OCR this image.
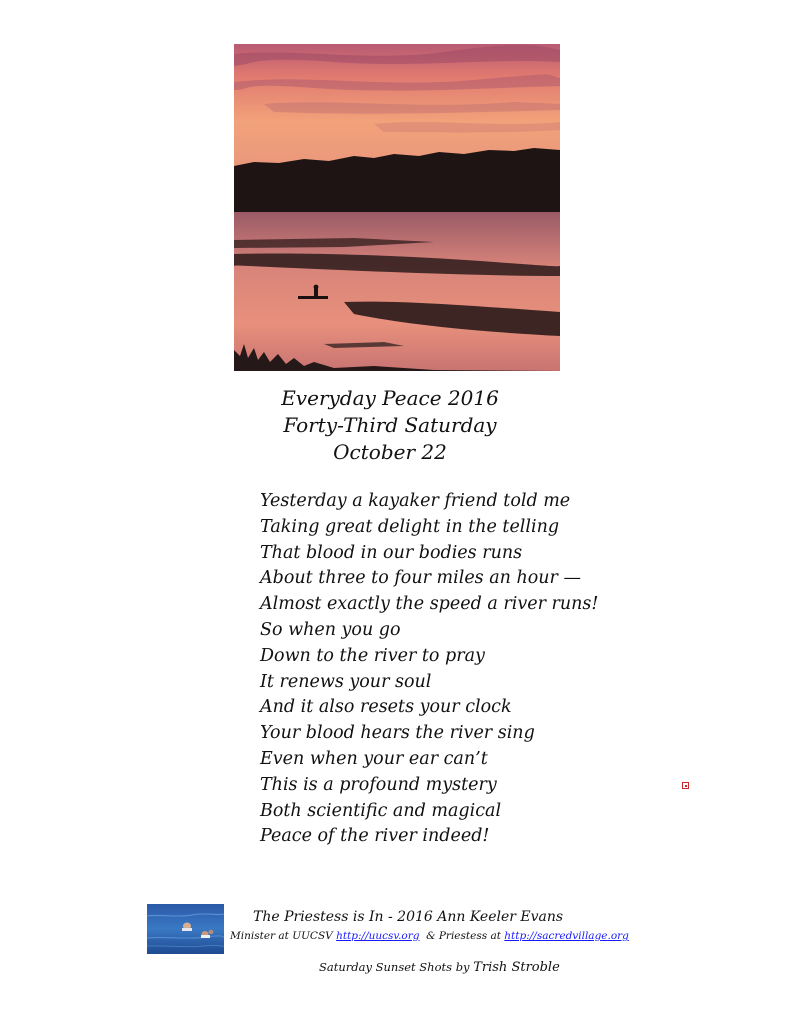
Everyday Peace 2016
Forty-Third Saturday
October 22
Yesterday a kayaker friend told me
Taking great delight in the telling
That blood in our bodies runs
About three to four miles an hour —
Almost exactly the speed a river runs!
So when you go
Down to the river to pray
It renews your soul
And it also resets your clock
Your blood hears the river sing
Even when your ear can’t
This is a profound mystery
Both scientific and magical
Peace of the river indeed!
The Priestess is In - 2016 Ann Keeler Evans
Minister at UUCSV http://uucsv.org  & Priestess at http://sacredvillage.org
Saturday Sunset Shots by Trish Stroble
